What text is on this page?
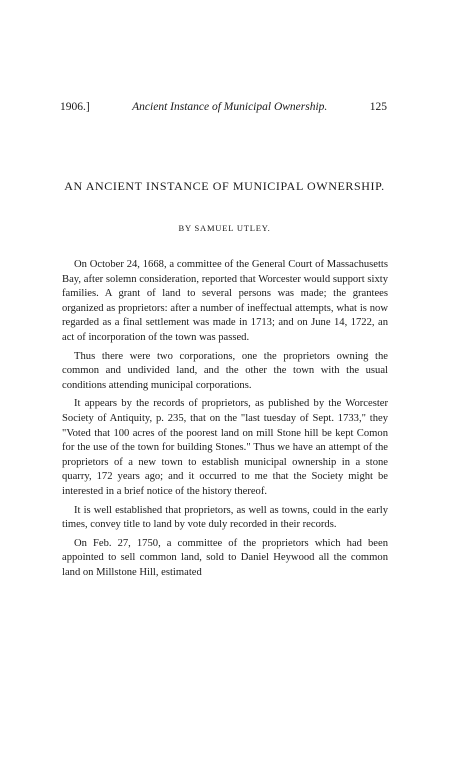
1906.]	Ancient Instance of Municipal Ownership.	125
AN ANCIENT INSTANCE OF MUNICIPAL OWNERSHIP.
BY SAMUEL UTLEY.

On October 24, 1668, a committee of the General Court of Massachusetts Bay, after solemn consideration, reported that Worcester would support sixty families. A grant of land to several persons was made; the grantees organized as proprietors: after a number of ineffectual attempts, what is now regarded as a final settlement was made in 1713; and on June 14, 1722, an act of incorporation of the town was passed.

Thus there were two corporations, one the proprietors owning the common and undivided land, and the other the town with the usual conditions attending municipal corporations.

It appears by the records of proprietors, as published by the Worcester Society of Antiquity, p. 235, that on the "last tuesday of Sept. 1733," they "Voted that 100 acres of the poorest land on mill Stone hill be kept Comon for the use of the town for building Stones." Thus we have an attempt of the proprietors of a new town to establish municipal ownership in a stone quarry, 172 years ago; and it occurred to me that the Society might be interested in a brief notice of the history thereof.

It is well established that proprietors, as well as towns, could in the early times, convey title to land by vote duly recorded in their records.

On Feb. 27, 1750, a committee of the proprietors which had been appointed to sell common land, sold to Daniel Heywood all the common land on Millstone Hill, estimated
